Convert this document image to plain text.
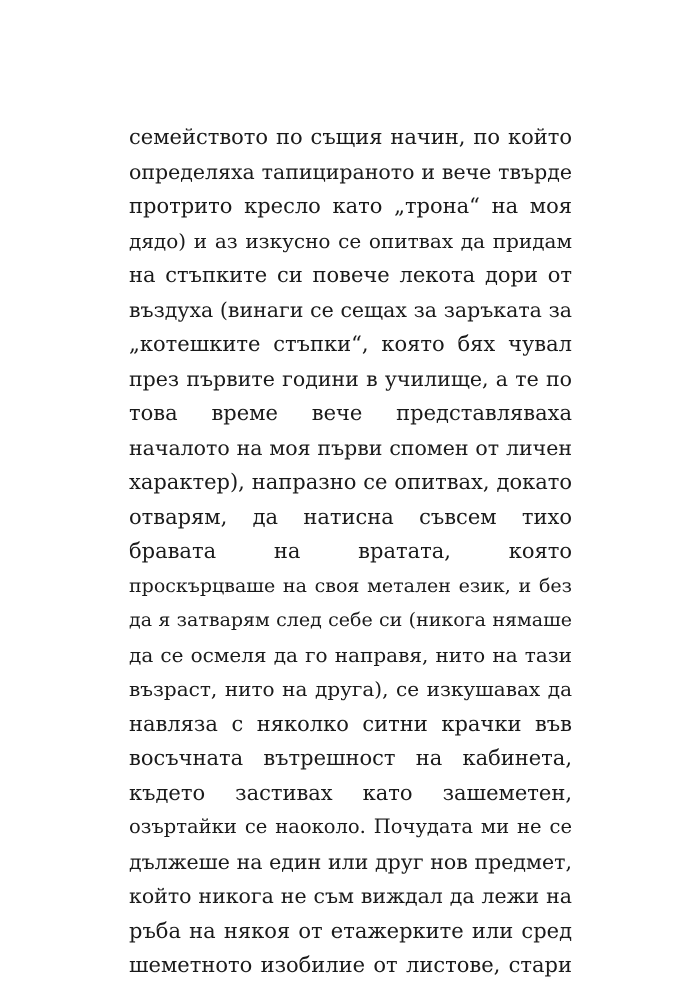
семейството по същия начин, по който
определяха тапицираното и вече твърде
протрито кресло като „трона“ на моя
дядо) и аз изкусно се опитвах да придам
на стъпките си повече лекота дори от
въздуха (винаги се сещах за заръката за
„котешките стъпки“, която бях чувал
през първите години в училище, а те по
това време вече представляваха
началото на моя първи спомен от личен
характер), напразно се опитвах, докато
отварям, да натисна съвсем тихо
бравата на вратата, която
проскърцваше на своя метален език, и без
да я затварям след себе си (никога нямаше
да се осмеля да го направя, нито на тази
възраст, нито на друга), се изкушавах да
навляза с няколко ситни крачки във
восъчната вътрешност на кабинета,
където застивах като зашеметен,
озъртайки се наоколо. Почудата ми не се
дължеше на един или друг нов предмет,
който никога не съм виждал да лежи на
ръба на някоя от етажерките или сред
шеметното изобилие от листове, стари
